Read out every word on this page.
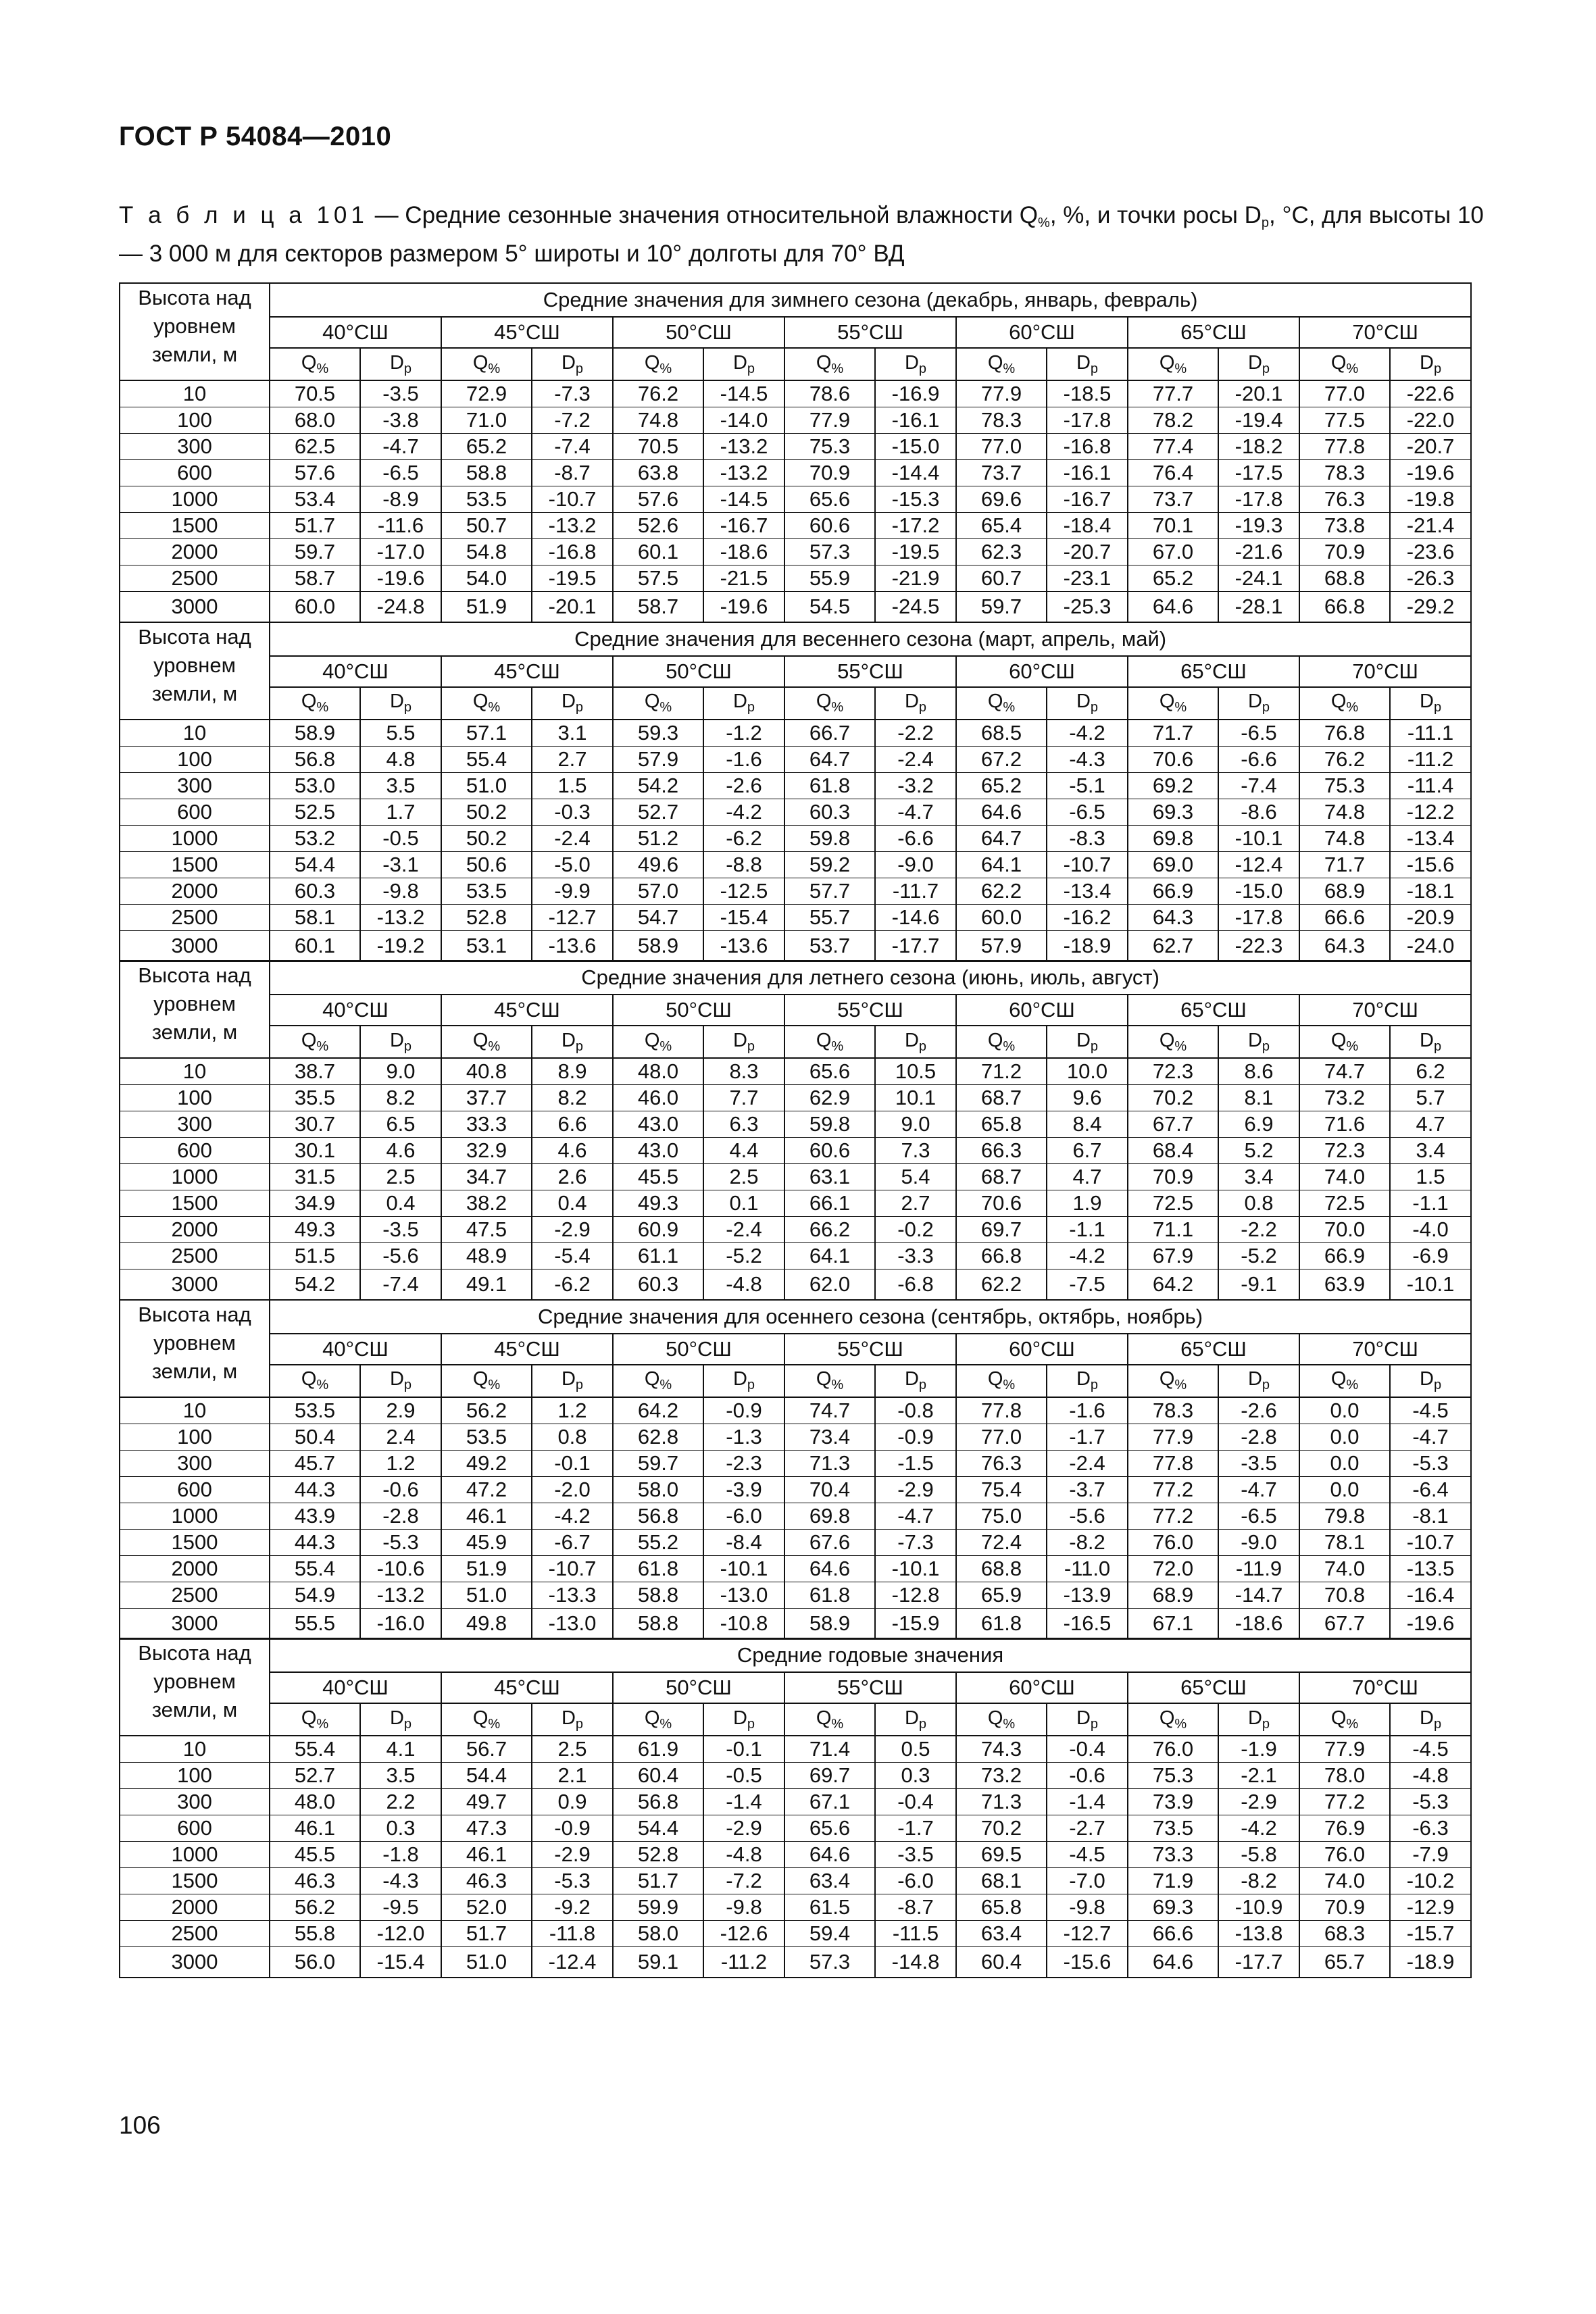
ГОСТ Р 54084—2010
Т а б л и ц а 101 — Средние сезонные значения относительной влажности $Q_{\%}$, %, и точки росы $D_p$, °С, для высоты 10 — 3 000 м для секторов размером 5° широты и 10° долготы для 70° ВД
Высота над уровнем земли, м	Средние значения для зимнего сезона (декабрь, январь, февраль)													
	40°СШ		45°СШ		50°СШ		55°СШ		60°СШ		65°СШ		70°СШ	
	$Q_{\%}$	$D_p$	$Q_{\%}$	$D_p$	$Q_{\%}$	$D_p$	$Q_{\%}$	$D_p$	$Q_{\%}$	$D_p$	$Q_{\%}$	$D_p$	$Q_{\%}$	$D_p$
10	70.5	-3.5	72.9	-7.3	76.2	-14.5	78.6	-16.9	77.9	-18.5	77.7	-20.1	77.0	-22.6
100	68.0	-3.8	71.0	-7.2	74.8	-14.0	77.9	-16.1	78.3	-17.8	78.2	-19.4	77.5	-22.0
300	62.5	-4.7	65.2	-7.4	70.5	-13.2	75.3	-15.0	77.0	-16.8	77.4	-18.2	77.8	-20.7
600	57.6	-6.5	58.8	-8.7	63.8	-13.2	70.9	-14.4	73.7	-16.1	76.4	-17.5	78.3	-19.6
1000	53.4	-8.9	53.5	-10.7	57.6	-14.5	65.6	-15.3	69.6	-16.7	73.7	-17.8	76.3	-19.8
1500	51.7	-11.6	50.7	-13.2	52.6	-16.7	60.6	-17.2	65.4	-18.4	70.1	-19.3	73.8	-21.4
2000	59.7	-17.0	54.8	-16.8	60.1	-18.6	57.3	-19.5	62.3	-20.7	67.0	-21.6	70.9	-23.6
2500	58.7	-19.6	54.0	-19.5	57.5	-21.5	55.9	-21.9	60.7	-23.1	65.2	-24.1	68.8	-26.3
3000	60.0	-24.8	51.9	-20.1	58.7	-19.6	54.5	-24.5	59.7	-25.3	64.6	-28.1	66.8	-29.2
Высота над уровнем земли, м	Средние значения для весеннего сезона (март, апрель, май)													
	40°СШ		45°СШ		50°СШ		55°СШ		60°СШ		65°СШ		70°СШ	
	$Q_{\%}$	$D_p$	$Q_{\%}$	$D_p$	$Q_{\%}$	$D_p$	$Q_{\%}$	$D_p$	$Q_{\%}$	$D_p$	$Q_{\%}$	$D_p$	$Q_{\%}$	$D_p$
10	58.9	5.5	57.1	3.1	59.3	-1.2	66.7	-2.2	68.5	-4.2	71.7	-6.5	76.8	-11.1
100	56.8	4.8	55.4	2.7	57.9	-1.6	64.7	-2.4	67.2	-4.3	70.6	-6.6	76.2	-11.2
300	53.0	3.5	51.0	1.5	54.2	-2.6	61.8	-3.2	65.2	-5.1	69.2	-7.4	75.3	-11.4
600	52.5	1.7	50.2	-0.3	52.7	-4.2	60.3	-4.7	64.6	-6.5	69.3	-8.6	74.8	-12.2
1000	53.2	-0.5	50.2	-2.4	51.2	-6.2	59.8	-6.6	64.7	-8.3	69.8	-10.1	74.8	-13.4
1500	54.4	-3.1	50.6	-5.0	49.6	-8.8	59.2	-9.0	64.1	-10.7	69.0	-12.4	71.7	-15.6
2000	60.3	-9.8	53.5	-9.9	57.0	-12.5	57.7	-11.7	62.2	-13.4	66.9	-15.0	68.9	-18.1
2500	58.1	-13.2	52.8	-12.7	54.7	-15.4	55.7	-14.6	60.0	-16.2	64.3	-17.8	66.6	-20.9
3000	60.1	-19.2	53.1	-13.6	58.9	-13.6	53.7	-17.7	57.9	-18.9	62.7	-22.3	64.3	-24.0
Высота над уровнем земли, м	Средние значения для летнего сезона (июнь, июль, август)													
	40°СШ		45°СШ		50°СШ		55°СШ		60°СШ		65°СШ		70°СШ	
	$Q_{\%}$	$D_p$	$Q_{\%}$	$D_p$	$Q_{\%}$	$D_p$	$Q_{\%}$	$D_p$	$Q_{\%}$	$D_p$	$Q_{\%}$	$D_p$	$Q_{\%}$	$D_p$
10	38.7	9.0	40.8	8.9	48.0	8.3	65.6	10.5	71.2	10.0	72.3	8.6	74.7	6.2
100	35.5	8.2	37.7	8.2	46.0	7.7	62.9	10.1	68.7	9.6	70.2	8.1	73.2	5.7
300	30.7	6.5	33.3	6.6	43.0	6.3	59.8	9.0	65.8	8.4	67.7	6.9	71.6	4.7
600	30.1	4.6	32.9	4.6	43.0	4.4	60.6	7.3	66.3	6.7	68.4	5.2	72.3	3.4
1000	31.5	2.5	34.7	2.6	45.5	2.5	63.1	5.4	68.7	4.7	70.9	3.4	74.0	1.5
1500	34.9	0.4	38.2	0.4	49.3	0.1	66.1	2.7	70.6	1.9	72.5	0.8	72.5	-1.1
2000	49.3	-3.5	47.5	-2.9	60.9	-2.4	66.2	-0.2	69.7	-1.1	71.1	-2.2	70.0	-4.0
2500	51.5	-5.6	48.9	-5.4	61.1	-5.2	64.1	-3.3	66.8	-4.2	67.9	-5.2	66.9	-6.9
3000	54.2	-7.4	49.1	-6.2	60.3	-4.8	62.0	-6.8	62.2	-7.5	64.2	-9.1	63.9	-10.1
Высота над уровнем земли, м	Средние значения для осеннего сезона (сентябрь, октябрь, ноябрь)													
	40°СШ		45°СШ		50°СШ		55°СШ		60°СШ		65°СШ		70°СШ	
	$Q_{\%}$	$D_p$	$Q_{\%}$	$D_p$	$Q_{\%}$	$D_p$	$Q_{\%}$	$D_p$	$Q_{\%}$	$D_p$	$Q_{\%}$	$D_p$	$Q_{\%}$	$D_p$
10	53.5	2.9	56.2	1.2	64.2	-0.9	74.7	-0.8	77.8	-1.6	78.3	-2.6	0.0	-4.5
100	50.4	2.4	53.5	0.8	62.8	-1.3	73.4	-0.9	77.0	-1.7	77.9	-2.8	0.0	-4.7
300	45.7	1.2	49.2	-0.1	59.7	-2.3	71.3	-1.5	76.3	-2.4	77.8	-3.5	0.0	-5.3
600	44.3	-0.6	47.2	-2.0	58.0	-3.9	70.4	-2.9	75.4	-3.7	77.2	-4.7	0.0	-6.4
1000	43.9	-2.8	46.1	-4.2	56.8	-6.0	69.8	-4.7	75.0	-5.6	77.2	-6.5	79.8	-8.1
1500	44.3	-5.3	45.9	-6.7	55.2	-8.4	67.6	-7.3	72.4	-8.2	76.0	-9.0	78.1	-10.7
2000	55.4	-10.6	51.9	-10.7	61.8	-10.1	64.6	-10.1	68.8	-11.0	72.0	-11.9	74.0	-13.5
2500	54.9	-13.2	51.0	-13.3	58.8	-13.0	61.8	-12.8	65.9	-13.9	68.9	-14.7	70.8	-16.4
3000	55.5	-16.0	49.8	-13.0	58.8	-10.8	58.9	-15.9	61.8	-16.5	67.1	-18.6	67.7	-19.6
Высота над уровнем земли, м	Средние годовые значения													
	40°СШ		45°СШ		50°СШ		55°СШ		60°СШ		65°СШ		70°СШ	
	$Q_{\%}$	$D_p$	$Q_{\%}$	$D_p$	$Q_{\%}$	$D_p$	$Q_{\%}$	$D_p$	$Q_{\%}$	$D_p$	$Q_{\%}$	$D_p$	$Q_{\%}$	$D_p$
10	55.4	4.1	56.7	2.5	61.9	-0.1	71.4	0.5	74.3	-0.4	76.0	-1.9	77.9	-4.5
100	52.7	3.5	54.4	2.1	60.4	-0.5	69.7	0.3	73.2	-0.6	75.3	-2.1	78.0	-4.8
300	48.0	2.2	49.7	0.9	56.8	-1.4	67.1	-0.4	71.3	-1.4	73.9	-2.9	77.2	-5.3
600	46.1	0.3	47.3	-0.9	54.4	-2.9	65.6	-1.7	70.2	-2.7	73.5	-4.2	76.9	-6.3
1000	45.5	-1.8	46.1	-2.9	52.8	-4.8	64.6	-3.5	69.5	-4.5	73.3	-5.8	76.0	-7.9
1500	46.3	-4.3	46.3	-5.3	51.7	-7.2	63.4	-6.0	68.1	-7.0	71.9	-8.2	74.0	-10.2
2000	56.2	-9.5	52.0	-9.2	59.9	-9.8	61.5	-8.7	65.8	-9.8	69.3	-10.9	70.9	-12.9
2500	55.8	-12.0	51.7	-11.8	58.0	-12.6	59.4	-11.5	63.4	-12.7	66.6	-13.8	68.3	-15.7
3000	56.0	-15.4	51.0	-12.4	59.1	-11.2	57.3	-14.8	60.4	-15.6	64.6	-17.7	65.7	-18.9
106
